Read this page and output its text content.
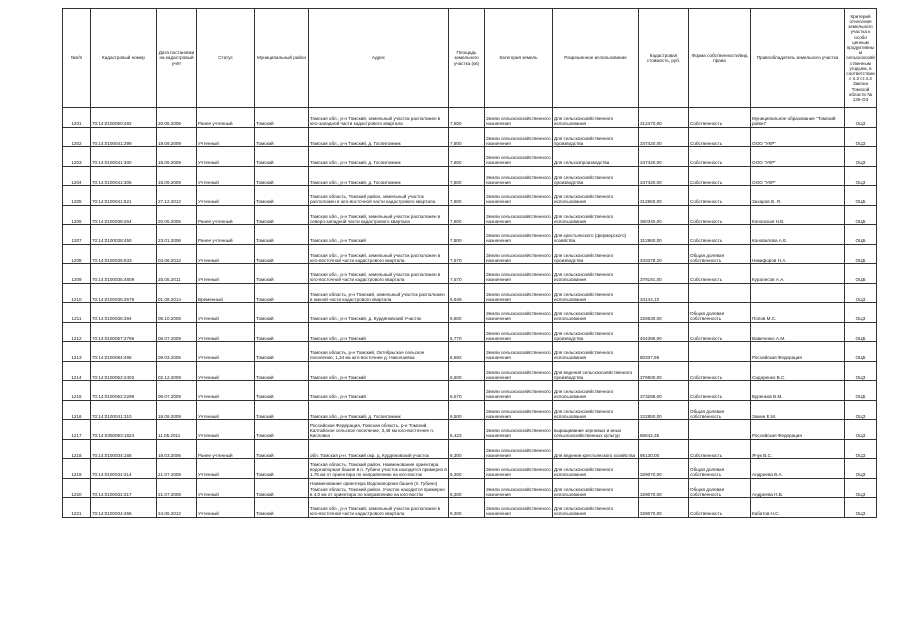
№п/п	Кадастровый номер	Дата постановки на кадастровый учёт	Статус	Муниципальный район	Адрес	Площадь земельного участка (кв)	Категория земель	Разрешенное использование	Кадастровая стоимость, руб.	Форма собственности/вид права	Правообладатель земельного участка	Критерий отнесения земельного участка к особо ценным продуктивным сельскохозяйственным угодьям, в соответствии с п.2 ст.4.3 Закона Томской области № 135-ОЗ
1201	70:14:0100050:492	20.06.2006	Ранее учтенный	Томский	Томская обл., р-н Томский, земельный участок расположен в юго-западной части кадастрового квартала	7,800	Земли сельскохозяйственного назначения	Для сельскохозяйственного использования	312470,00	Собственность	Муниципальное образование "Томский район"	ОЦЗ
1202	70:14:0100041:299	18.09.2009	Учтенный	Томский	Томская обл., р-н Томский, д. Госпитомник	7,800	Земли сельскохозяйственного назначения	Для сельскохозяйственного производства	347420,00	Собственность	ООО "УКР"	ОЦЗ
1203	70:14:0100041:300	18.09.2009	Учтенный	Томский	Томская обл., р-н Томский, д. Госпитомник	7,800	Земли сельскохозяйственного назначения	Для сельхозпроизводства	347420,00	Собственность	ООО "УКР"	ОЦЗ
1204	70:14:0100041:306	18.09.2009	Учтенный	Томский	Томская обл., р-н Томский, д. Госпитомник	7,800	Земли сельскохозяйственного назначения	Для сельскохозяйственного производства	347420,00	Собственность	ООО "УКР"	ОЦЗ
1205	70:14:0100041:521	27.12.2012	Учтенный	Томский	Томская область, Томский район, земельный участок расположен в юго-восточной части кадастрового квартала	7,800	Земли сельскохозяйственного назначения	Для сельскохозяйственного использования	312860,00	Собственность	Захаров В. Я.	ОЦБ
1206	70:14:0100038:264	20.05.2006	Ранее учтенный	Томский	Томская обл., р-н Томский, земельный участок расположен в северо-западной части кадастрового квартала	7,800	Земли сельскохозяйственного назначения	Для сельскохозяйственного использования	360340,00	Собственность	Кононская Н.В.	ОЦБ
1207	70:14:0100038:450	23.01.2006	Ранее учтенный	Томский	Томская обл., р-н Томский	7,800	Земли сельскохозяйственного назначения	Для крестьянского (фермерского) хозяйства	312860,00	Собственность	Коновалова А.Е.	ОЦБ
1208	70:14:0100035:633	04.06.2012	Учтенный	Томский	Томская обл., р-н Томский, земельный участок расположен в юго-восточной части кадастрового квартала	7,570	Земли сельскохозяйственного назначения	Для сельскохозяйственного производства	343378,20	Общая долевая собственность	Никифоров Н.А.	ОЦБ
1209	70:14:0100035:4809	25.05.2011	Учтенный	Томский	Томская обл., р-н Томский, земельный участок расположен в юго-восточной части кадастрового квартала	7,570	Земли сельскохозяйственного назначения	Для сельскохозяйственного использования	379191,00	Собственность	Куралесов А.А.	ОЦБ
1210	70:14:0100035:3679	01.08.2014	Временный	Томский	Томская область, р-н Томский, земельный участок расположен в южной части кадастрового квартала	6,949	Земли сельскохозяйственного назначения	Для сельскохозяйственного использования	34144,10			ОЦЗ
1211	70:14:0100036:394	06.10.2008	Учтенный	Томский	Томская обл., р-н Томский, д. Курдяновский Участок	6,800	Земли сельскохозяйственного назначения	Для сельскохозяйственного использования	329530,00	Общая долевая собственность	Попов М.С.	ОЦЗ
1212	70:14:0100057:2796	06.07.2009	Учтенный	Томский	Томская обл., р-н Томский	6,770	Земли сельскохозяйственного назначения	Для сельскохозяйственного производства	404396,00	Собственность	Вавиченко А.М.	ОЦБ
1213	70:14:0100084:495	09.03.2006	Учтенный	Томский	Томская область, р-н Томский, Октябрьское сельское поселение, 1,34 км юго-восточнее д. Николаевка	6,692	Земли сельскохозяйственного назначения	Для сельскохозяйственного использования	80337,95		Российская Федерация	ОЦБ
1214	70:14:0100052:2402	02.12.2009	Учтенный	Томский	Томская обл., р-н Томский	6,600	Земли сельскохозяйственного назначения	Для ведения сельскохозяйственного производства	379500,00	Собственность	Сидоренко В.С.	ОЦЗ
1215	70:14:0100062:2299	06.07.2009	Учтенный	Томский	Томская обл., р-н Томский	6,570	Земли сельскохозяйственного назначения	Для сельскохозяйственного использования	373298,00	Собственность	Буренков В.М.	ОЦБ
1216	70:14:0100041:310	18.09.2009	Учтенный	Томский	Томская обл., р-н Томский, д. Госпитомник	6,500	Земли сельскохозяйственного назначения	Для сельскохозяйственного использования	322850,00	Общая долевая собственность	Зюкин Е.М.	ОЦЗ
1217	70:14:0300093:1624	11.05.2011	Учтенный	Томский	Российская Федерация, Томская область, р-н Томский, Калтайское сельское поселение, 3,48 км юго-восточнее п. Кисловка	6,423	Земли сельскохозяйственного назначения	выращивание зерновых и иных сельскохозяйственных культур	86642,35		Российская Федерация	ОЦЗ
1218	70:14:0100034:168	18.03.2006	Ранее учтенный	Томский	обл. Томская р-н. Томский окр. д. Курдяновский участок	6,300	Земли сельскохозяйственного назначения	Для ведения крестьянского хозяйства	95130,00	Собственность	Ячук В.С.	ОЦЗ
1219	70:14:0100034:314	21.07.2008	Учтенный	Томский	Томская область, Томский район, Наименование ориентира водонапорная башня в п. Губино участок находится примерно в 1,75 км от ориентира по направлению на юго-восток	6,300	Земли сельскохозяйственного назначения	Для сельскохозяйственного использования	329070,00	Общая долевая собственность	Андреева В.А.	ОЦЗ
1220	70:14:0100034:317	21.07.2008	Учтенный	Томский	Наименование ориентира Водонапорная башня (п. Губино) Томская область, Томский район. Участок находится примерно в 4,0 км от ориентира по направлению на юго-восток	6,300	Земли сельскохозяйственного назначения	Для сельскохозяйственного использования	329070,00	Общая долевая собственность	Андреева Н.В.	ОЦЗ
1221	70:14:0100034:456	24.06.2012	Учтенный	Томский	Томская обл., р-н Томский, земельный участок расположен в юго-восточной части кадастрового квартала	6,300	Земли сельскохозяйственного назначения	Для сельскохозяйственного использования	329070,00	Собственность	Кабатов Н.С.	ОЦЗ
